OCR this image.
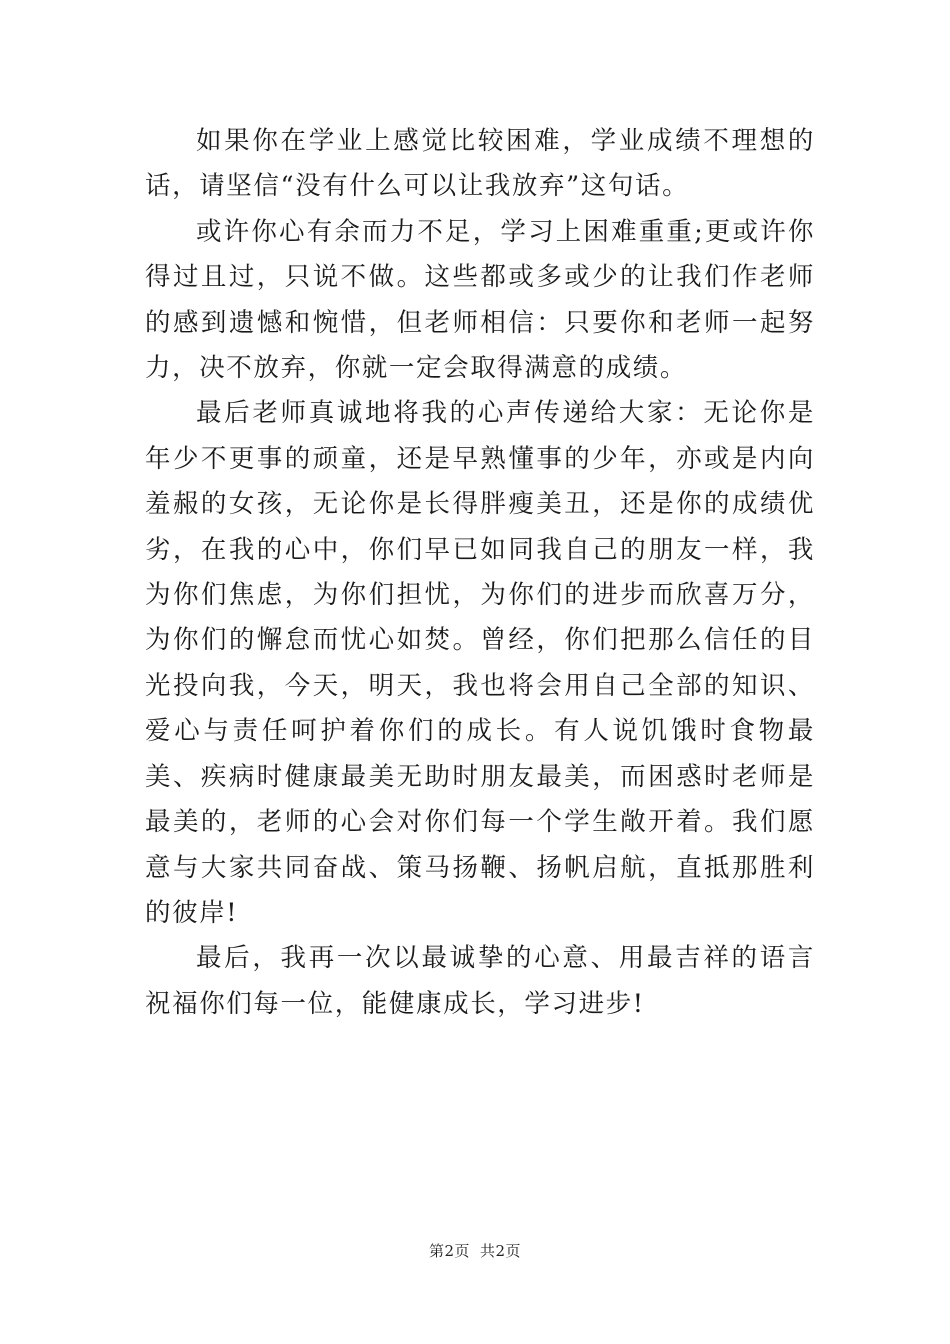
如果你在学业上感觉比较困难，学业成绩不理想的话，请坚信“没有什么可以让我放弃”这句话。

或许你心有余而力不足，学习上困难重重;更或许你得过且过，只说不做。这些都或多或少的让我们作老师的感到遗憾和惋惜，但老师相信：只要你和老师一起努力，决不放弃，你就一定会取得满意的成绩。

最后老师真诚地将我的心声传递给大家：无论你是年少不更事的顽童，还是早熟懂事的少年，亦或是内向羞赧的女孩，无论你是长得胖瘦美丑，还是你的成绩优劣，在我的心中，你们早已如同我自己的朋友一样，我为你们焦虑，为你们担忧，为你们的进步而欣喜万分，为你们的懈怠而忧心如焚。曾经，你们把那么信任的目光投向我，今天，明天，我也将会用自己全部的知识、爱心与责任呵护着你们的成长。有人说饥饿时食物最美、疾病时健康最美无助时朋友最美，而困惑时老师是最美的，老师的心会对你们每一个学生敞开着。我们愿意与大家共同奋战、策马扬鞭、扬帆启航，直抵那胜利的彼岸!

最后，我再一次以最诚挚的心意、用最吉祥的语言祝福你们每一位，能健康成长，学习进步!

第2页 共2页
